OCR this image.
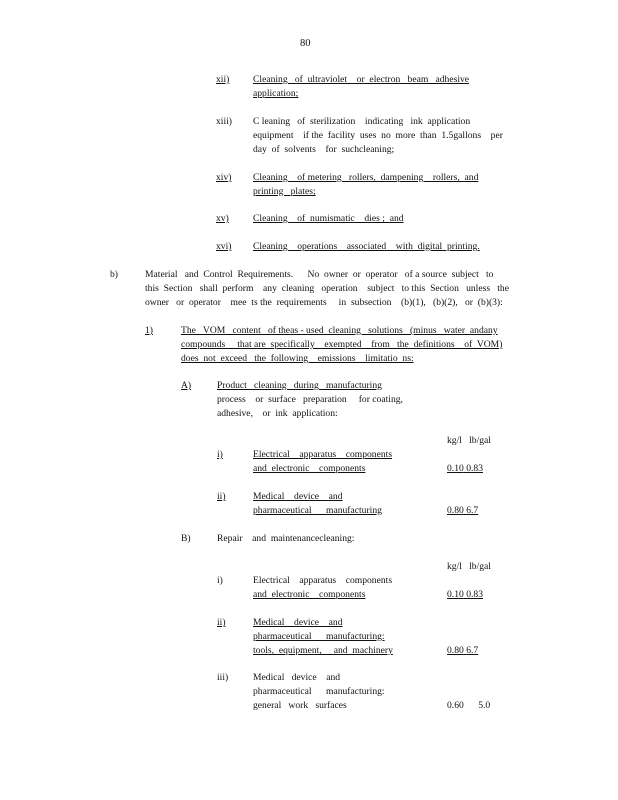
80
xii) Cleaning   of  ultraviolet    or  electron   beam   adhesive
application;
xiii) C leaning   of  sterilization    indicating   ink  application
equipment    if the  facility  uses  no  more  than  1.5gallons    per
day  of  solvents    for  suchcleaning;
xiv) Cleaning    of metering   rollers,  dampening    rollers,  and
printing   plates;
xv)	Cleaning    of  numismatic    dies ;  and
xvi) Cleaning    operations    associated    with  digital  printing.
b)	Material   and  Control  Requirements.      No  owner  or  operator   of a source  subject   to
this  Section   shall  perform    any  cleaning   operation    subject   to this  Section   unless   the
owner   or  operator    mee  ts the  requirements     in  subsection    (b)(1),   (b)(2),   or  (b)(3):
1)	The   VOM   content   of theas - used  cleaning   solutions   (minus   water  andany
compounds     that are  specifically    exempted    from   the  definitions    of  VOM)
does  not  exceed   the  following    emissions    limitatio  ns:
A)	Product   cleaning   during   manufacturing
process    or  surface   preparation     for coating,
adhesive,    or  ink  application:
kg/l   lb/gal
i)	Electrical    apparatus    components
and  electronic    components	0.10 0.83
ii)	Medical    device    and
pharmaceutical      manufacturing	0.80 6.7
B)	Repair    and  maintenancecleaning:
kg/l   lb/gal
i)	Electrical    apparatus    components
and  electronic    components	0.10 0.83
ii)	Medical    device    and
pharmaceutical      manufacturing:
tools,  equipment,     and  machinery	0.80 6.7
iii)	Medical   device    and
pharmaceutical      manufacturing:
general   work   surfaces	0.60 5.0
